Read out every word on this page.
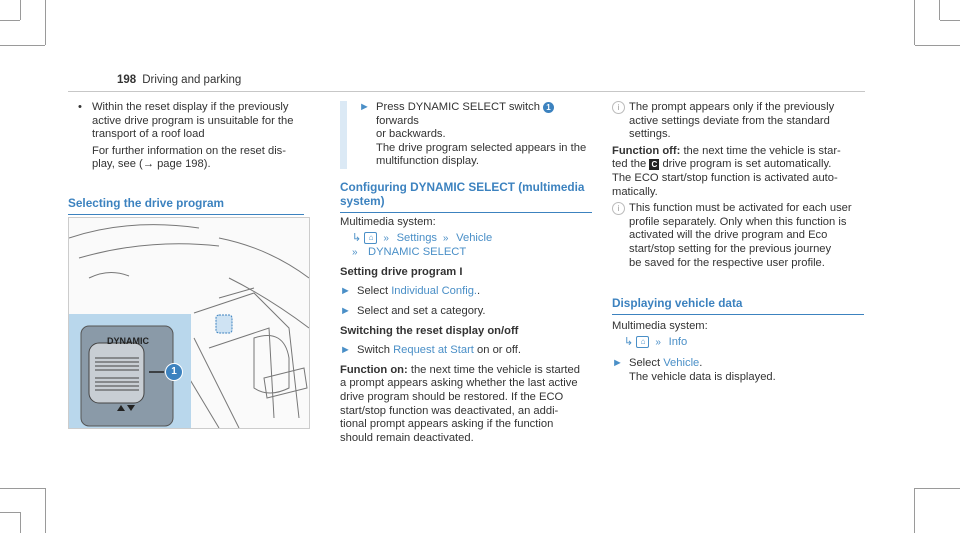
198 Driving and parking
• Within the reset display if the previously

active drive program is unsuitable for the

transport of a roof load

For further information on the reset dis-

play, see (→ page 198).

Selecting the drive program
DYNAMIC
1
► Press DYNAMIC SELECT switch 1 forwards

or backwards.

The drive program selected appears in the

multifunction display.

Configuring DYNAMIC SELECT (multimedia
system)

Multimedia system:

↳ ⌂  » Settings  » Vehicle

» DYNAMIC SELECT

Setting drive program I

► Select Individual Config..

► Select and set a category.

Switching the reset display on/off

► Switch Request at Start on or off.

Function on: the next time the vehicle is started

a prompt appears asking whether the last active

drive program should be restored. If the ECO

start/stop function was deactivated, an addi-

tional prompt appears asking if the function

should remain deactivated.

i The prompt appears only if the previously

active settings deviate from the standard

settings.

Function off: the next time the vehicle is star-

ted the C drive program is set automatically.

The ECO start/stop function is activated auto-

matically.

i This function must be activated for each user

profile separately. Only when this function is

activated will the drive program and Eco

start/stop setting for the previous journey

be saved for the respective user profile.

Displaying vehicle data

Multimedia system:

↳ ⌂  » Info

► Select Vehicle.

The vehicle data is displayed.
